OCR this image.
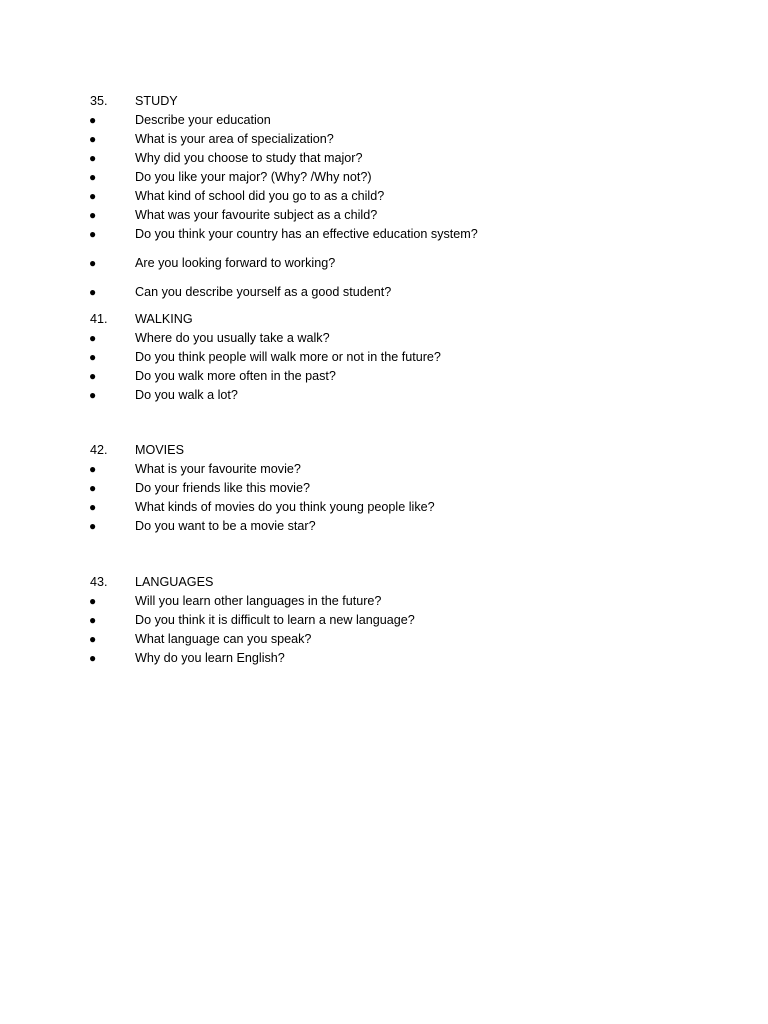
35. STUDY
●	Describe your education
●	What is your area of specialization?
●	Why did you choose to study that major?
●	Do you like your major? (Why? /Why not?)
●	What kind of school did you go to as a child?
●	What was your favourite subject as a child?
●	Do you think your country has an effective education system?
●	Are you looking forward to working?
●	Can you describe yourself as a good student?
41. WALKING
●	Where do you usually take a walk?
●	Do you think people will walk more or not in the future?
●	Do you walk more often in the past?
●	Do you walk a lot?
42. MOVIES
●	What is your favourite movie?
●	Do your friends like this movie?
●	What kinds of movies do you think young people like?
●	Do you want to be a movie star?
43. LANGUAGES
●	Will you learn other languages in the future?
●	Do you think it is difficult to learn a new language?
●	What language can you speak?
●	Why do you learn English?
